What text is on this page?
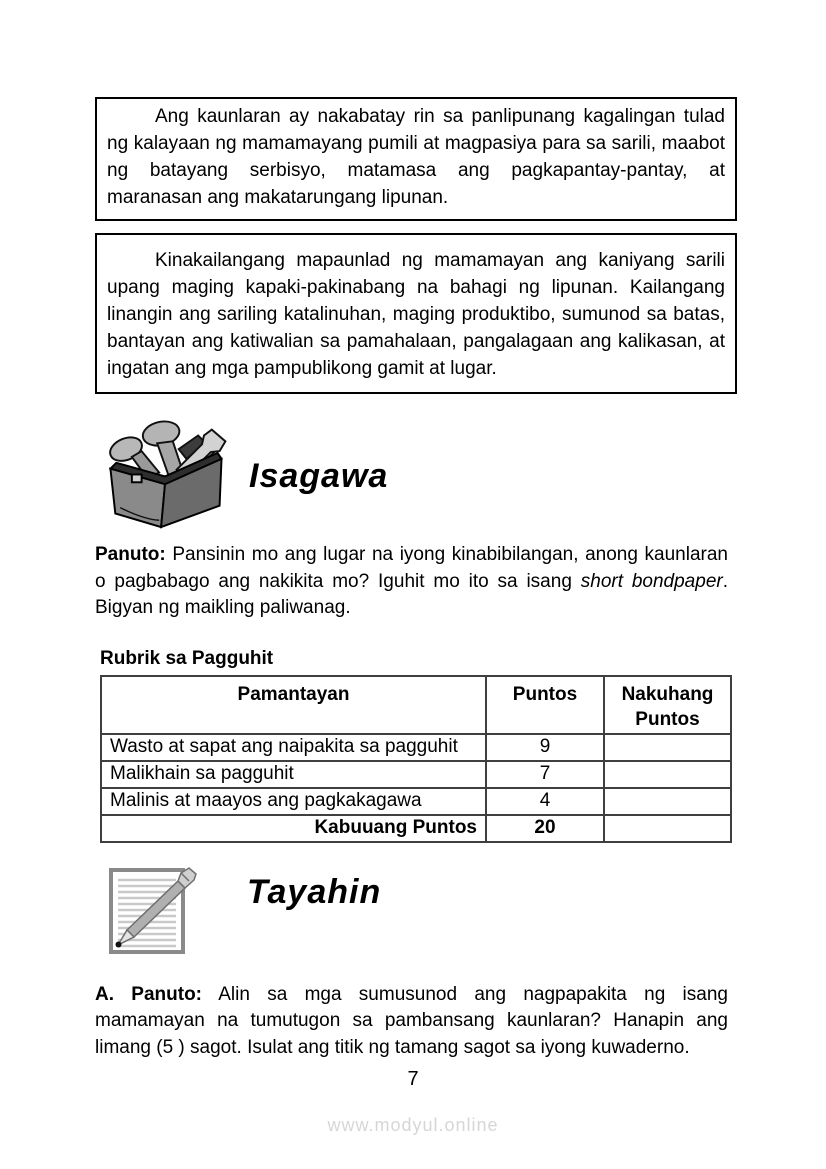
Ang kaunlaran ay nakabatay rin sa panlipunang kagalingan tulad ng kalayaan ng mamamayang pumili at magpasiya para sa sarili, maabot ng batayang serbisyo, matamasa ang pagkapantay-pantay, at maranasan ang makatarungang lipunan.

Kinakailangang mapaunlad ng mamamayan ang kaniyang sarili upang maging kapaki-pakinabang na bahagi ng lipunan. Kailangang linangin ang sariling katalinuhan, maging produktibo, sumunod sa batas, bantayan ang katiwalian sa pamahalaan, pangalagaan ang kalikasan, at ingatan ang mga pampublikong gamit at lugar.

Isagawa

Panuto: Pansinin mo ang lugar na iyong kinabibilangan, anong kaunlaran o pagbabago ang nakikita mo? Iguhit mo ito sa isang short bondpaper. Bigyan ng maikling paliwanag.

Rubrik sa Pagguhit
Pamantayan	Puntos	Nakuhang Puntos
Wasto at sapat ang naipakita sa pagguhit	9	
Malikhain sa pagguhit	7	
Malinis at maayos ang pagkakagawa	4	
Kabuuang Puntos	20	
Tayahin

A. Panuto: Alin sa mga sumusunod ang nagpapakita ng isang mamamayan na tumutugon sa pambansang kaunlaran? Hanapin ang limang (5 ) sagot. Isulat ang titik ng tamang sagot sa iyong kuwaderno.

7
www.modyul.online
